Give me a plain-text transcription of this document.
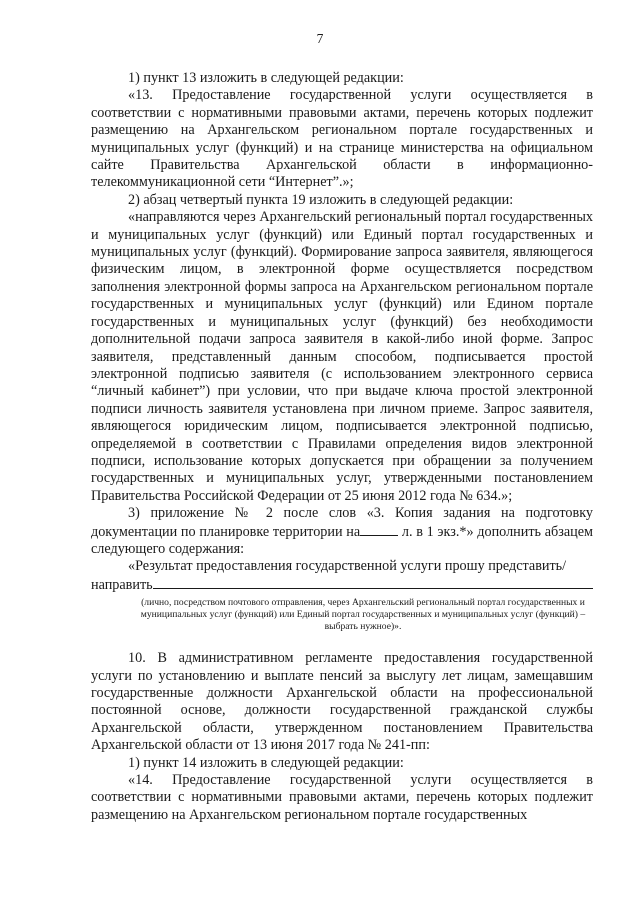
7

1) пункт 13 изложить в следующей редакции:

«13. Предоставление государственной услуги осуществляется в соответствии с нормативными правовыми актами, перечень которых подлежит размещению на Архангельском региональном портале государственных и муниципальных услуг (функций) и на странице министерства на официальном сайте Правительства Архангельской области в информационно-телекоммуникационной сети “Интернет”.»;

2) абзац четвертый пункта 19 изложить в следующей редакции:

«направляются через Архангельский региональный портал государственных и муниципальных услуг (функций) или Единый портал государственных и муниципальных услуг (функций). Формирование запроса заявителя, являющегося физическим лицом, в электронной форме осуществляется посредством заполнения электронной формы запроса на Архангельском региональном портале государственных и муниципальных услуг (функций) или Едином портале государственных и муниципальных услуг (функций) без необходимости дополнительной подачи запроса заявителя в какой-либо иной форме. Запрос заявителя, представленный данным способом, подписывается простой электронной подписью заявителя (с использованием электронного сервиса “личный кабинет”) при условии, что при выдаче ключа простой электронной подписи личность заявителя установлена при личном приеме. Запрос заявителя, являющегося юридическим лицом, подписывается электронной подписью, определяемой в соответствии с Правилами определения видов электронной подписи, использование которых допускается при обращении за получением государственных и муниципальных услуг, утвержденными постановлением Правительства Российской Федерации от 25 июня 2012 года № 634.»;

3) приложение № 2 после слов «3. Копия задания на подготовку документации по планировке территории на	л. в 1 экз.*» дополнить абзацем следующего содержания:

«Результат предоставления государственной услуги прошу представить/

направить

(лично, посредством почтового отправления, через Архангельский региональный портал государственных и муниципальных услуг (функций) или Единый портал государственных и муниципальных услуг (функций) – выбрать нужное)».

10. В административном регламенте предоставления государственной услуги по установлению и выплате пенсий за выслугу лет лицам, замещавшим государственные должности Архангельской области на профессиональной постоянной основе, должности государственной гражданской службы Архангельской области, утвержденном постановлением Правительства Архангельской области от 13 июня 2017 года № 241-пп:

1) пункт 14 изложить в следующей редакции:

«14. Предоставление государственной услуги осуществляется в соответствии с нормативными правовыми актами, перечень которых подлежит размещению на Архангельском региональном портале государственных
